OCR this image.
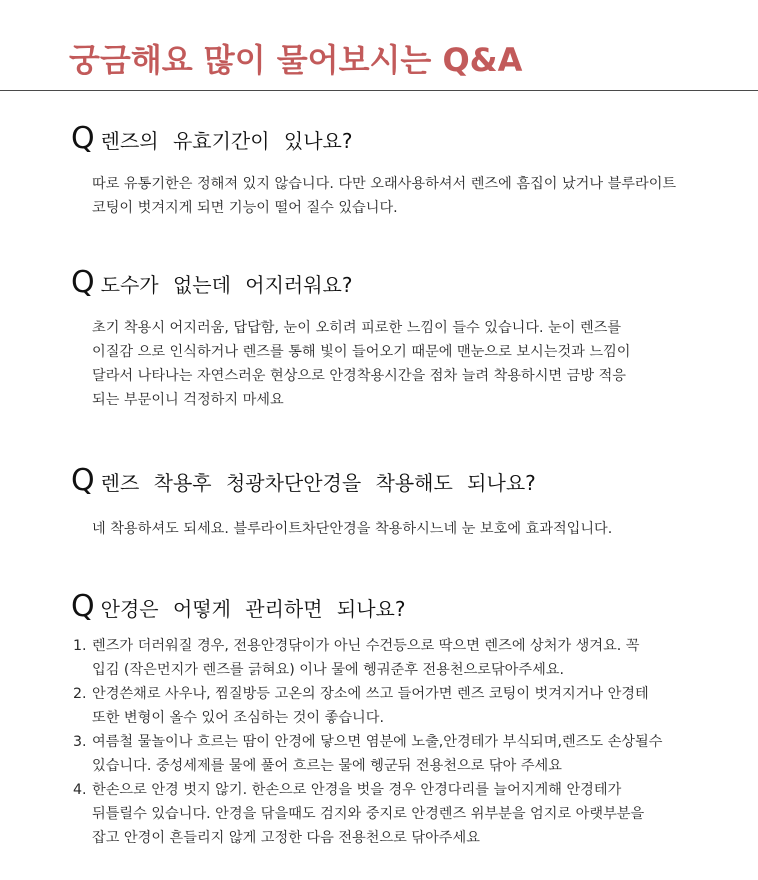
궁금해요 많이 물어보시는 Q&A
Q 렌즈의 유효기간이 있나요?
따로 유통기한은 정해져 있지 않습니다. 다만 오래사용하셔서 렌즈에 흠집이 났거나 블루라이트
코팅이 벗겨지게 되면 기능이 떨어 질수 있습니다.
Q 도수가 없는데 어지러워요?
초기 착용시 어지러움, 답답함, 눈이 오히려 피로한 느낌이 들수 있습니다. 눈이 렌즈를
이질감 으로 인식하거나 렌즈를 통해 빛이 들어오기 때문에 맨눈으로 보시는것과 느낌이
달라서 나타나는 자연스러운 현상으로 안경착용시간을 점차 늘려 착용하시면 금방 적응
되는 부문이니 걱정하지 마세요
Q 렌즈 착용후 청광차단안경을 착용해도 되나요?
네 착용하셔도 되세요. 블루라이트차단안경을 착용하시느네 눈 보호에 효과적입니다.
Q 안경은 어떻게 관리하면 되나요?
1. 렌즈가 더러워질 경우, 전용안경닦이가 아닌 수건등으로 딱으면 렌즈에 상처가 생겨요. 꼭
입김 (작은먼지가 렌즈를 긁혀요) 이나 물에 헹궈준후 전용천으로닦아주세요.
2. 안경쓴채로 사우나, 찜질방등 고온의 장소에 쓰고 들어가면 렌즈 코팅이 벗겨지거나 안경테
또한 변형이 올수 있어 조심하는 것이 좋습니다.
3. 여름철 물놀이나 흐르는 땀이 안경에 닿으면 염분에 노출,안경테가 부식되며,렌즈도 손상될수
있습니다. 중성세제를 물에 풀어 흐르는 물에 헹군뒤 전용천으로 닦아 주세요
4. 한손으로 안경 벗지 않기. 한손으로 안경을 벗을 경우 안경다리를 늘어지게해 안경테가
뒤틀릴수 있습니다. 안경을 닦을때도 검지와 중지로 안경렌즈 위부분을 엄지로 아랫부분을
잡고 안경이 흔들리지 않게 고정한 다음 전용천으로 닦아주세요
